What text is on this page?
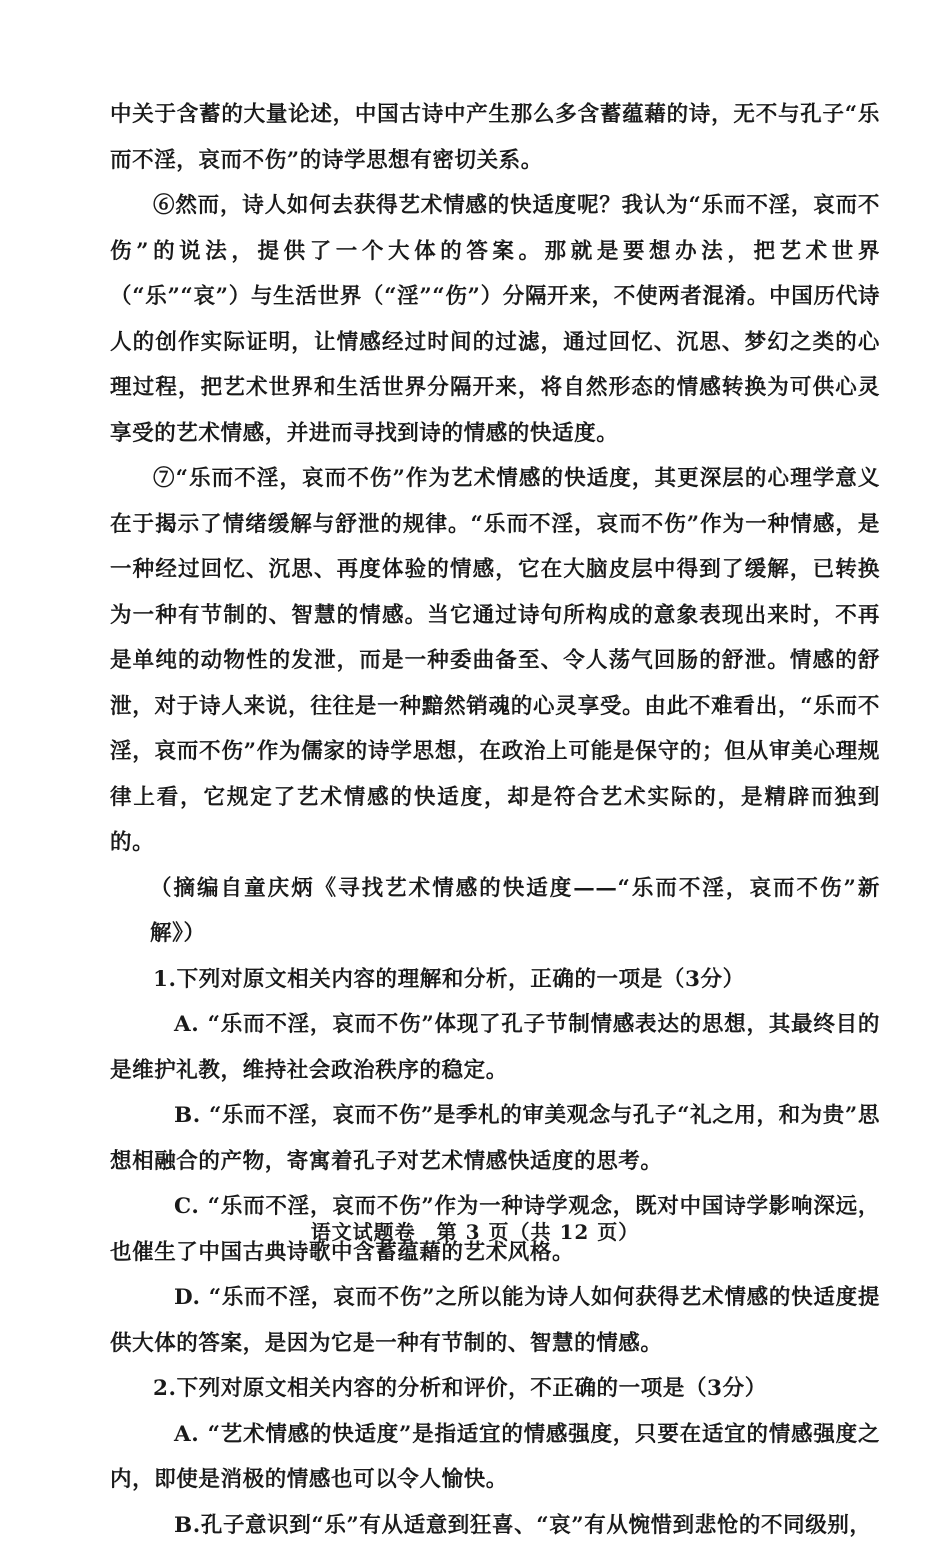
中关于含蓄的大量论述，中国古诗中产生那么多含蓄蕴藉的诗，无不与孔子“乐而不淫，哀而不伤”的诗学思想有密切关系。

⑥然而，诗人如何去获得艺术情感的快适度呢？我认为“乐而不淫，哀而不伤”的说法，提供了一个大体的答案。那就是要想办法，把艺术世界（“乐”“哀”）与生活世界（“淫”“伤”）分隔开来，不使两者混淆。中国历代诗人的创作实际证明，让情感经过时间的过滤，通过回忆、沉思、梦幻之类的心理过程，把艺术世界和生活世界分隔开来，将自然形态的情感转换为可供心灵享受的艺术情感，并进而寻找到诗的情感的快适度。

⑦“乐而不淫，哀而不伤”作为艺术情感的快适度，其更深层的心理学意义在于揭示了情绪缓解与舒泄的规律。“乐而不淫，哀而不伤”作为一种情感，是一种经过回忆、沉思、再度体验的情感，它在大脑皮层中得到了缓解，已转换为一种有节制的、智慧的情感。当它通过诗句所构成的意象表现出来时，不再是单纯的动物性的发泄，而是一种委曲备至、令人荡气回肠的舒泄。情感的舒泄，对于诗人来说，往往是一种黯然销魂的心灵享受。由此不难看出，“乐而不淫，哀而不伤”作为儒家的诗学思想，在政治上可能是保守的；但从审美心理规律上看，它规定了艺术情感的快适度，却是符合艺术实际的，是精辟而独到的。

（摘编自童庆炳《寻找艺术情感的快适度——“乐而不淫，哀而不伤”新解》）

1.下列对原文相关内容的理解和分析，正确的一项是（3分）

A. “乐而不淫，哀而不伤”体现了孔子节制情感表达的思想，其最终目的是维护礼教，维持社会政治秩序的稳定。

B. “乐而不淫，哀而不伤”是季札的审美观念与孔子“礼之用，和为贵”思想相融合的产物，寄寓着孔子对艺术情感快适度的思考。

C. “乐而不淫，哀而不伤”作为一种诗学观念，既对中国诗学影响深远，也催生了中国古典诗歌中含蓄蕴藉的艺术风格。

D. “乐而不淫，哀而不伤”之所以能为诗人如何获得艺术情感的快适度提供大体的答案，是因为它是一种有节制的、智慧的情感。

2.下列对原文相关内容的分析和评价，不正确的一项是（3分）

A. “艺术情感的快适度”是指适宜的情感强度，只要在适宜的情感强度之内，即使是消极的情感也可以令人愉快。

B.孔子意识到“乐”有从适意到狂喜、“哀”有从惋惜到悲怆的不同级别，

语文试题卷　第 3 页（共 12 页）
